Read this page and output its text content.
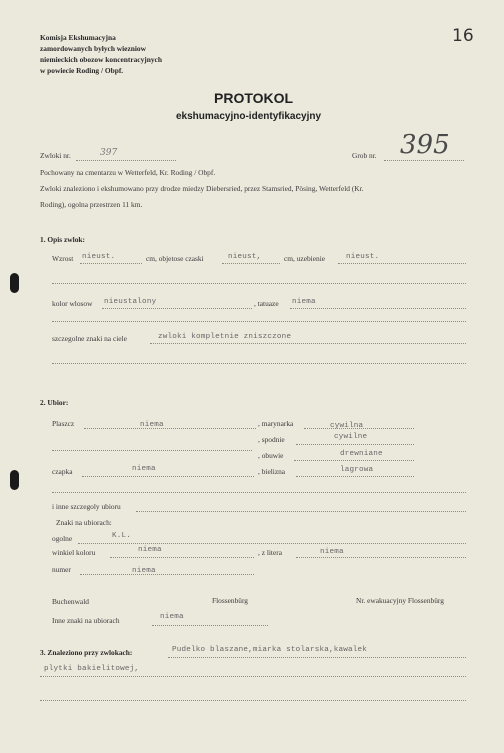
Komisja Ekshumacyjna
zamordowanych byłych wiezniow
niemieckich obozow koncentracyjnych
w powiecie Roding / Obpf.
16
PROTOKOL
ekshumacyjno-identyfikacyjny
Zwloki nr.	397	Grob nr. 395
Pochowany na cmentarzu w Wetterfeld, Kr. Roding / Obpf.
Zwloki znaleziono i ekshumowano przy drodze miedzy Diebersried, przez Stamsried, Pösing, Wetterfeld (Kr.
Roding), ogolna przestrzen 11 km.
1. Opis zwlok:
Wzrost nieust.	cm, objetose czaski	nieust,	cm, uzebienie	nieust.
kolor wlosow nieustalony	, tatuaze niema
szczegolne znaki na ciele	zwloki kompletnie zniszczone
2. Ubior:
Plaszcz	niema	, marynarka	cywilna
, spodnie	cywilne
, obuwie	drewniane
czapka	niema	, bielizna	lagrowa
i inne szczegoly ubioru
Znaki na ubiorach:
ogolne	K.L.
winkiel koloru	niema	, z litera	niema
numer	niema
Buchenwald	Flossenbürg	Nr. ewakuacyjny Flossenbürg
Inne znaki na ubiorach	niema
3. Znaleziono przy zwlokach:	Pudelko blaszane,miarka stolarska,kawalek
plytki bakielitowej,
